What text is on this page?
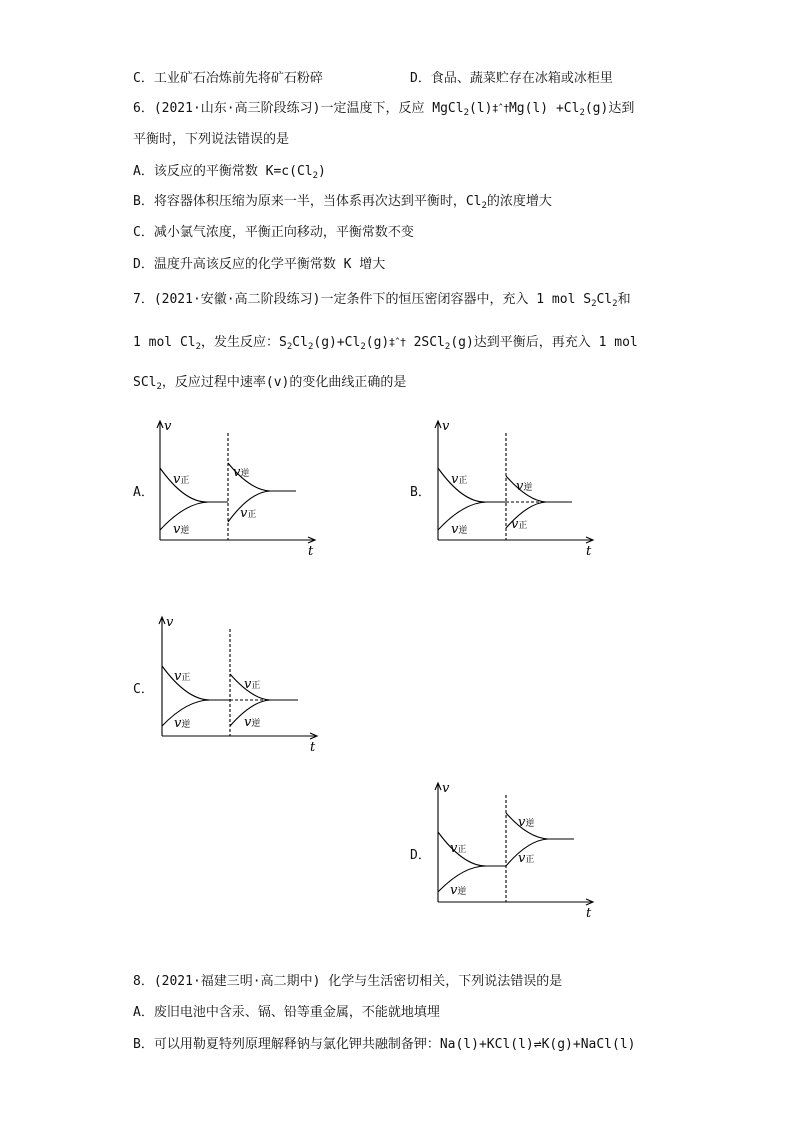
C．工业矿石冶炼前先将矿石粉碎	D．食品、蔬菜贮存在冰箱或冰柜里
6．(2021·山东·高三阶段练习)一定温度下，反应 MgCl$_2$(l)‡ˆ†Mg(l) $+Cl_2(g)$达到
平衡时，下列说法错误的是
A．该反应的平衡常数 $K=c(Cl_2)$
B．将容器体积压缩为原来一半，当体系再次达到平衡时，$Cl_2$的浓度增大
C．减小氯气浓度，平衡正向移动，平衡常数不变
D．温度升高该反应的化学平衡常数 K 增大
7．(2021·安徽·高二阶段练习)一定条件下的恒压密闭容器中，充入 1 mol $S_2Cl_2$和
1 mol $Cl_2$，发生反应：$S_2Cl_2(g)+Cl_2(g)\ddagger ˆ\dagger$ 2SCl$_2$(g)达到平衡后，再充入 1 mol
SCl$_2$，反应过程中速率(v)的变化曲线正确的是
A．
v
t
v正
v逆
v逆
v正
B．
v
t
v正
v逆
v逆
v正
C．
v
t
v正
v逆
v正
v逆
D．
v
t
v正
v逆
v逆
v正
8．(2021·福建三明·高二期中) 化学与生活密切相关，下列说法错误的是
A．废旧电池中含汞、镉、铅等重金属，不能就地填埋
B．可以用勒夏特列原理解释钠与氯化钾共融制备钾：Na(l)+KCl(l)⇌K(g)+NaCl(l)
